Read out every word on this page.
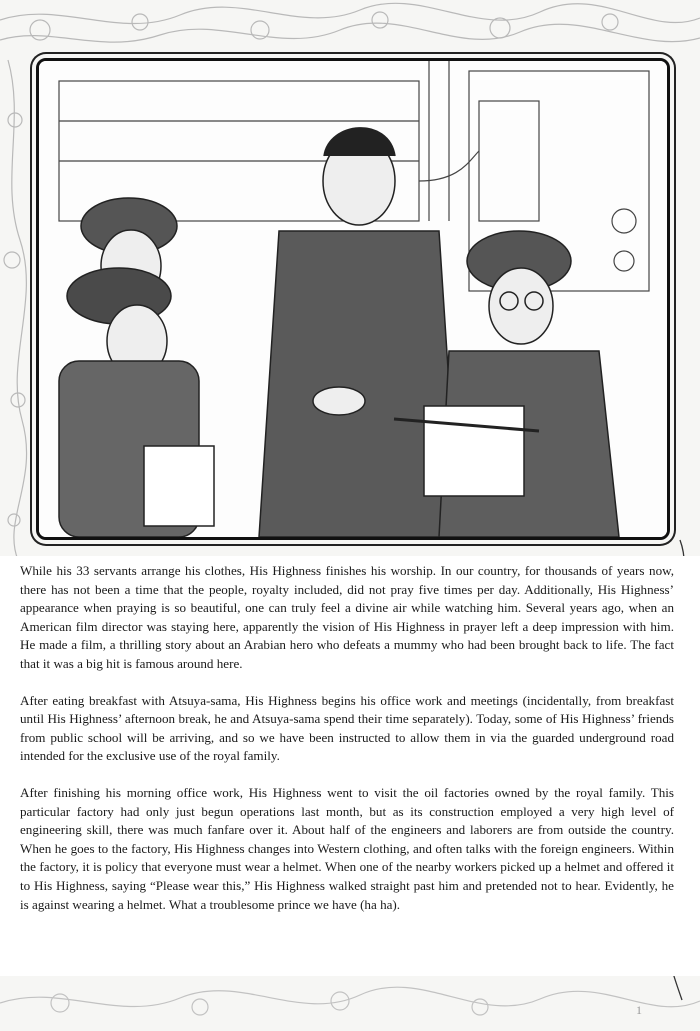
While his 33 servants arrange his clothes, His Highness finishes his worship. In our country, for thousands of years now, there has not been a time that the people, royalty included, did not pray five times per day. Additionally, His Highness’ appearance when praying is so beautiful, one can truly feel a divine air while watching him. Several years ago, when an American film director was staying here, apparently the vision of His Highness in prayer left a deep impression with him. He made a film, a thrilling story about an Arabian hero who defeats a mummy who had been brought back to life. The fact that it was a big hit is famous around here.

After eating breakfast with Atsuya-sama, His Highness begins his office work and meetings (incidentally, from breakfast until His Highness’ afternoon break, he and Atsuya-sama spend their time separately). Today, some of His Highness’ friends from public school will be arriving, and so we have been instructed to allow them in via the guarded underground road intended for the exclusive use of the royal family.

After finishing his morning office work, His Highness went to visit the oil factories owned by the royal family. This particular factory had only just begun operations last month, but as its construction employed a very high level of engineering skill, there was much fanfare over it. About half of the engineers and laborers are from outside the country. When he goes to the factory, His Highness changes into Western clothing, and often talks with the foreign engineers. Within the factory, it is policy that everyone must wear a helmet. When one of the nearby workers picked up a helmet and offered it to His Highness, saying “Please wear this,” His Highness walked straight past him and pretended not to hear. Evidently, he is against wearing a helmet. What a troublesome prince we have (ha ha).

1
